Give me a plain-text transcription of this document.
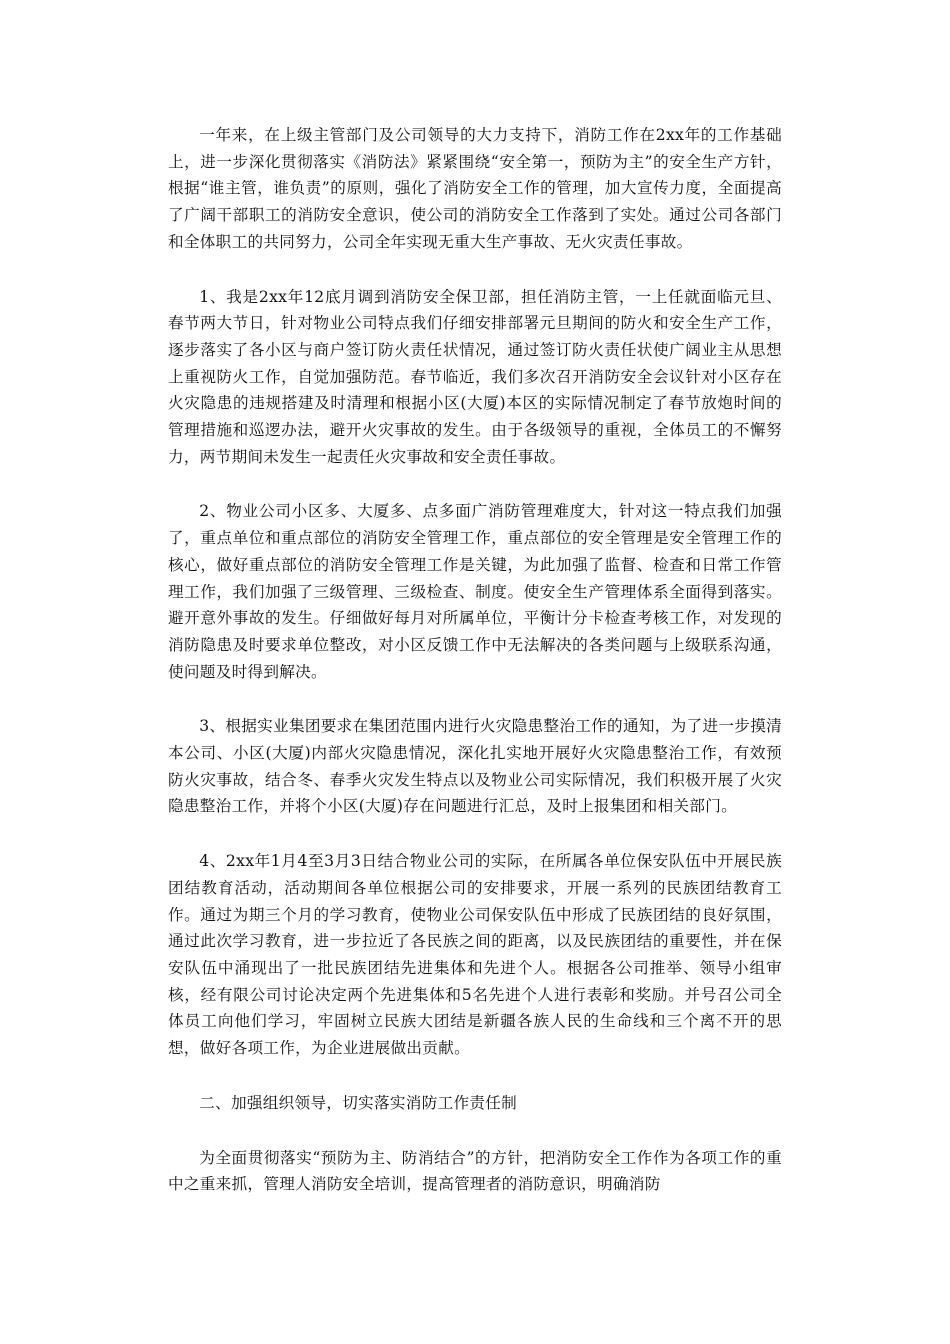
一年来，在上级主管部门及公司领导的大力支持下，消防工作在2xx年的工作基础上，进一步深化贯彻落实《消防法》紧紧围绕“安全第一，预防为主”的安全生产方针，根据“谁主管，谁负责”的原则，强化了消防安全工作的管理，加大宣传力度，全面提高了广阔干部职工的消防安全意识，使公司的消防安全工作落到了实处。通过公司各部门和全体职工的共同努力，公司全年实现无重大生产事故、无火灾责任事故。

1、我是2xx年12底月调到消防安全保卫部，担任消防主管，一上任就面临元旦、春节两大节日，针对物业公司特点我们仔细安排部署元旦期间的防火和安全生产工作，逐步落实了各小区与商户签订防火责任状情况，通过签订防火责任状使广阔业主从思想上重视防火工作，自觉加强防范。春节临近，我们多次召开消防安全会议针对小区存在火灾隐患的违规搭建及时清理和根据小区(大厦)本区的实际情况制定了春节放炮时间的管理措施和巡逻办法，避开火灾事故的发生。由于各级领导的重视，全体员工的不懈努力，两节期间未发生一起责任火灾事故和安全责任事故。

2、物业公司小区多、大厦多、点多面广消防管理难度大，针对这一特点我们加强了，重点单位和重点部位的消防安全管理工作，重点部位的安全管理是安全管理工作的核心，做好重点部位的消防安全管理工作是关键，为此加强了监督、检查和日常工作管理工作，我们加强了三级管理、三级检查、制度。使安全生产管理体系全面得到落实。避开意外事故的发生。仔细做好每月对所属单位，平衡计分卡检查考核工作，对发现的消防隐患及时要求单位整改，对小区反馈工作中无法解决的各类问题与上级联系沟通，使问题及时得到解决。

3、根据实业集团要求在集团范围内进行火灾隐患整治工作的通知，为了进一步摸清本公司、小区(大厦)内部火灾隐患情况，深化扎实地开展好火灾隐患整治工作，有效预防火灾事故，结合冬、春季火灾发生特点以及物业公司实际情况，我们积极开展了火灾隐患整治工作，并将个小区(大厦)存在问题进行汇总，及时上报集团和相关部门。

4、2xx年1月4至3月3日结合物业公司的实际，在所属各单位保安队伍中开展民族团结教育活动，活动期间各单位根据公司的安排要求，开展一系列的民族团结教育工作。通过为期三个月的学习教育，使物业公司保安队伍中形成了民族团结的良好氛围，通过此次学习教育，进一步拉近了各民族之间的距离，以及民族团结的重要性，并在保安队伍中涌现出了一批民族团结先进集体和先进个人。根据各公司推举、领导小组审核，经有限公司讨论决定两个先进集体和5名先进个人进行表彰和奖励。并号召公司全体员工向他们学习，牢固树立民族大团结是新疆各族人民的生命线和三个离不开的思想，做好各项工作，为企业进展做出贡献。

二、加强组织领导，切实落实消防工作责任制

为全面贯彻落实“预防为主、防消结合”的方针，把消防安全工作作为各项工作的重中之重来抓，管理人消防安全培训，提高管理者的消防意识，明确消防
